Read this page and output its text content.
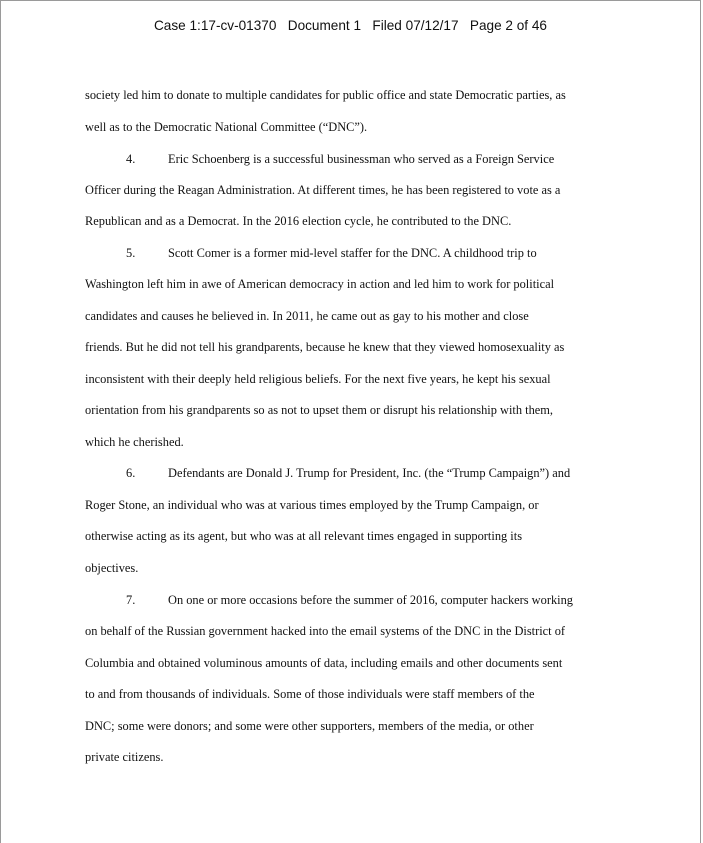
Case 1:17-cv-01370 Document 1 Filed 07/12/17 Page 2 of 46
society led him to donate to multiple candidates for public office and state Democratic parties, as
well as to the Democratic National Committee (“DNC”).
4.	Eric Schoenberg is a successful businessman who served as a Foreign Service
Officer during the Reagan Administration. At different times, he has been registered to vote as a
Republican and as a Democrat. In the 2016 election cycle, he contributed to the DNC.
5.	Scott Comer is a former mid-level staffer for the DNC. A childhood trip to
Washington left him in awe of American democracy in action and led him to work for political
candidates and causes he believed in. In 2011, he came out as gay to his mother and close
friends. But he did not tell his grandparents, because he knew that they viewed homosexuality as
inconsistent with their deeply held religious beliefs. For the next five years, he kept his sexual
orientation from his grandparents so as not to upset them or disrupt his relationship with them,
which he cherished.
6.	Defendants are Donald J. Trump for President, Inc. (the “Trump Campaign”) and
Roger Stone, an individual who was at various times employed by the Trump Campaign, or
otherwise acting as its agent, but who was at all relevant times engaged in supporting its
objectives.
7.	On one or more occasions before the summer of 2016, computer hackers working
on behalf of the Russian government hacked into the email systems of the DNC in the District of
Columbia and obtained voluminous amounts of data, including emails and other documents sent
to and from thousands of individuals. Some of those individuals were staff members of the
DNC; some were donors; and some were other supporters, members of the media, or other
private citizens.
